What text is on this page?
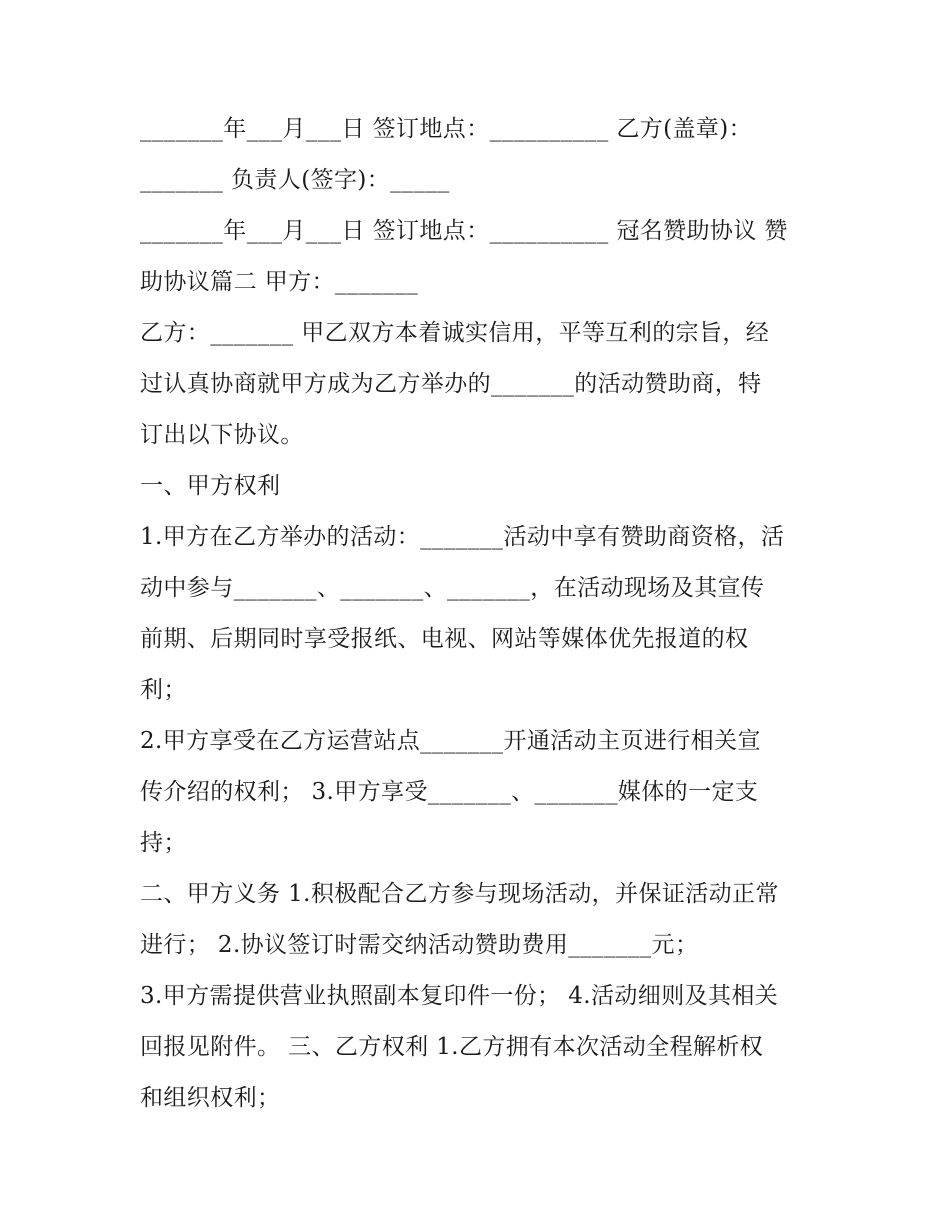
_______年___月___日 签订地点：__________ 乙方(盖章)：
_______ 负责人(签字)：_____
_______年___月___日 签订地点：__________ 冠名赞助协议 赞
助协议篇二 甲方：_______
乙方：_______ 甲乙双方本着诚实信用，平等互利的宗旨，经
过认真协商就甲方成为乙方举办的_______的活动赞助商，特
订出以下协议。
一、甲方权利
1.甲方在乙方举办的活动：_______活动中享有赞助商资格，活
动中参与_______、_______、_______，在活动现场及其宣传
前期、后期同时享受报纸、电视、网站等媒体优先报道的权
利；
2.甲方享受在乙方运营站点_______开通活动主页进行相关宣
传介绍的权利； 3.甲方享受_______、_______媒体的一定支
持；
二、甲方义务 1.积极配合乙方参与现场活动，并保证活动正常
进行； 2.协议签订时需交纳活动赞助费用_______元；
3.甲方需提供营业执照副本复印件一份； 4.活动细则及其相关
回报见附件。 三、乙方权利 1.乙方拥有本次活动全程解析权
和组织权利；
